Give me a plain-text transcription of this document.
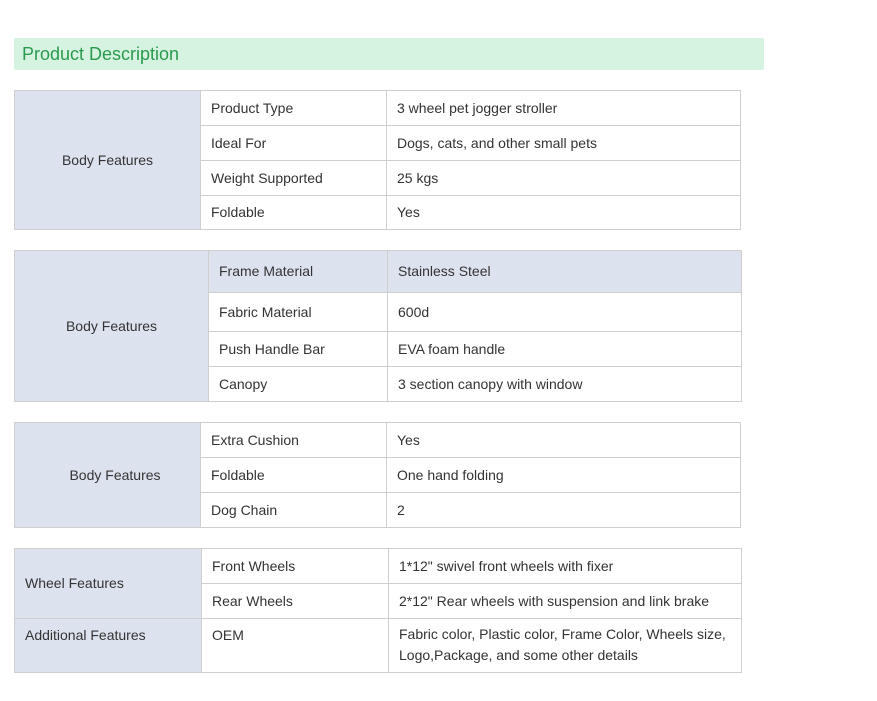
Product Description
Body Features	Product Type	3 wheel pet jogger stroller
	Ideal For	Dogs, cats, and other small pets
	Weight Supported	25 kgs
	Foldable	Yes
Body Features	Frame Material	Stainless Steel
	Fabric Material	600d
	Push Handle Bar	EVA foam handle
	Canopy	3 section canopy with window
Body Features	Extra Cushion	Yes
	Foldable	One hand folding
	Dog Chain	2
Wheel Features	Front Wheels	1*12" swivel front wheels with fixer
	Rear Wheels	2*12" Rear wheels with suspension and link brake
Additional Features	OEM	Fabric color, Plastic color, Frame Color, Wheels size, Logo,Package, and some other details
